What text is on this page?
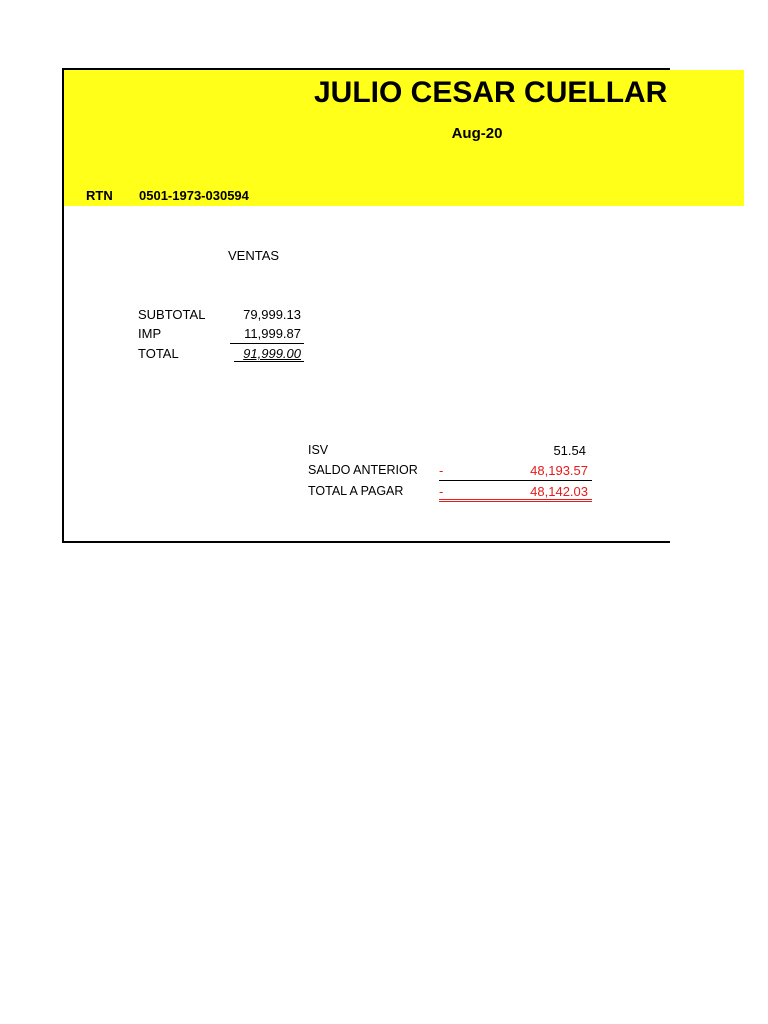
JULIO CESAR CUELLAR
Aug-20
RTN 0501-1973-030594
VENTAS
SUBTOTAL	79,999.13
IMP	11,999.87
TOTAL	91,999.00
ISV	51.54
SALDO ANTERIOR -	48,193.57
TOTAL A PAGAR	-	48,142.03
